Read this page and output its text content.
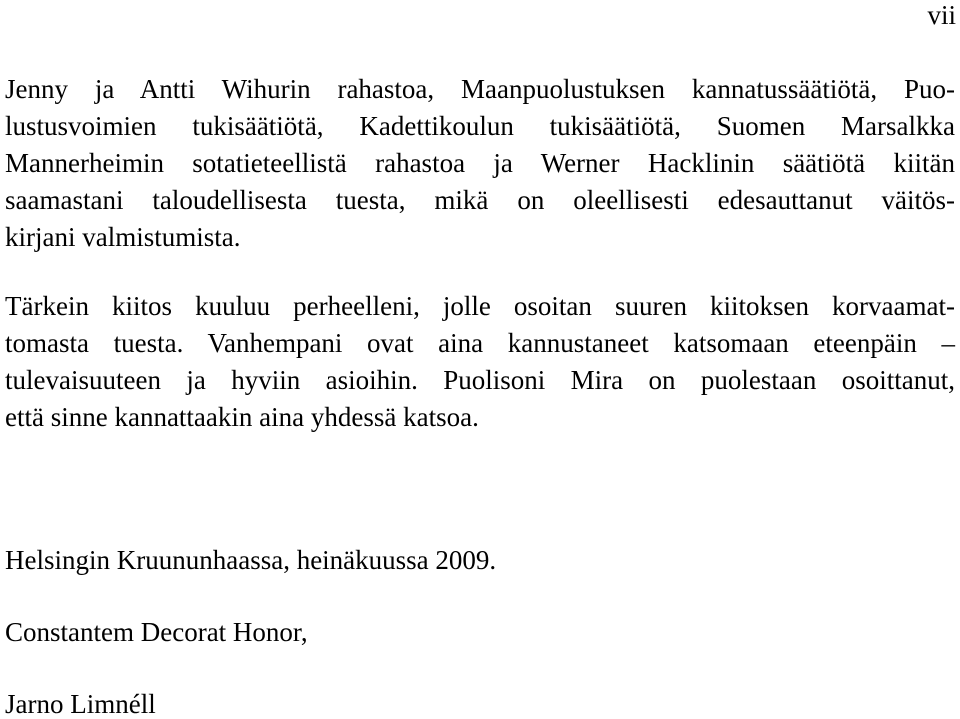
vii
Jenny ja Antti Wihurin rahastoa, Maanpuolustuksen kannatussäätiötä, Puo-
lustusvoimien tukisäätiötä, Kadettikoulun tukisäätiötä, Suomen Marsalkka
Mannerheimin sotatieteellistä rahastoa ja Werner Hacklinin säätiötä kiitän
saamastani taloudellisesta tuesta, mikä on oleellisesti edesauttanut väitös-
kirjani valmistumista.
Tärkein kiitos kuuluu perheelleni, jolle osoitan suuren kiitoksen korvaamat-
tomasta tuesta. Vanhempani ovat aina kannustaneet katsomaan eteenpäin –
tulevaisuuteen ja hyviin asioihin. Puolisoni Mira on puolestaan osoittanut,
että sinne kannattaakin aina yhdessä katsoa.
Helsingin Kruununhaassa, heinäkuussa 2009.
Constantem Decorat Honor,
Jarno Limnéll
